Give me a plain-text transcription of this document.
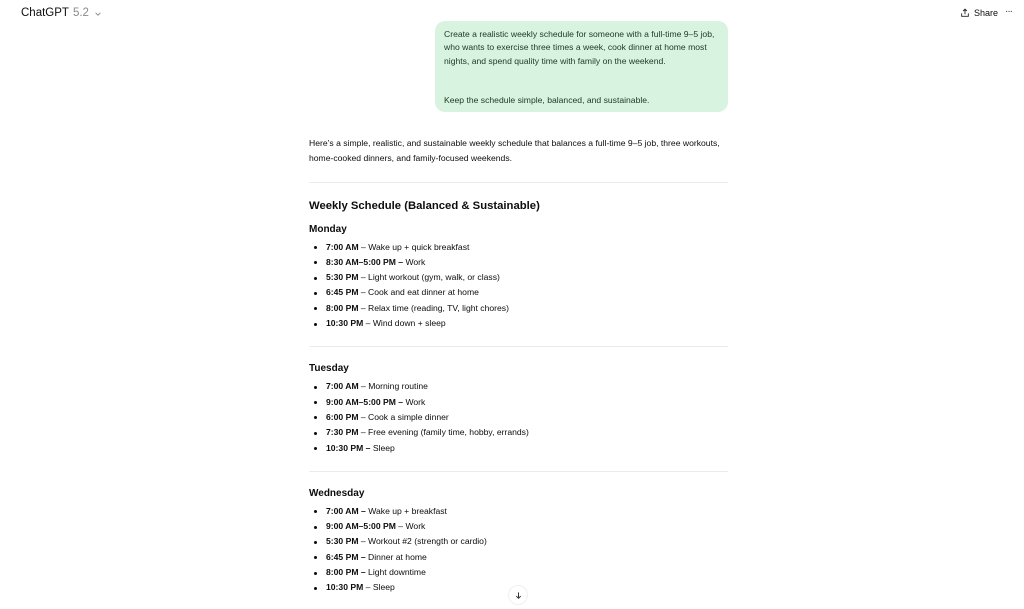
ChatGPT 5.2	Share ···

Create a realistic weekly schedule for someone with a full-time 9–5 job, who wants to exercise three times a week, cook dinner at home most nights, and spend quality time with family on the weekend.

Keep the schedule simple, balanced, and sustainable.

Here’s a simple, realistic, and sustainable weekly schedule that balances a full-time 9–5 job, three workouts, home-cooked dinners, and family-focused weekends.

Weekly Schedule (Balanced & Sustainable)
Monday
7:00 AM – Wake up + quick breakfast
8:30 AM–5:00 PM – Work
5:30 PM – Light workout (gym, walk, or class)
6:45 PM – Cook and eat dinner at home
8:00 PM – Relax time (reading, TV, light chores)
10:30 PM – Wind down + sleep
Tuesday
7:00 AM – Morning routine
9:00 AM–5:00 PM – Work
6:00 PM – Cook a simple dinner
7:30 PM – Free evening (family time, hobby, errands)
10:30 PM – Sleep
Wednesday
7:00 AM – Wake up + breakfast
9:00 AM–5:00 PM – Work
5:30 PM – Workout #2 (strength or cardio)
6:45 PM – Dinner at home
8:00 PM – Light downtime
10:30 PM – Sleep
